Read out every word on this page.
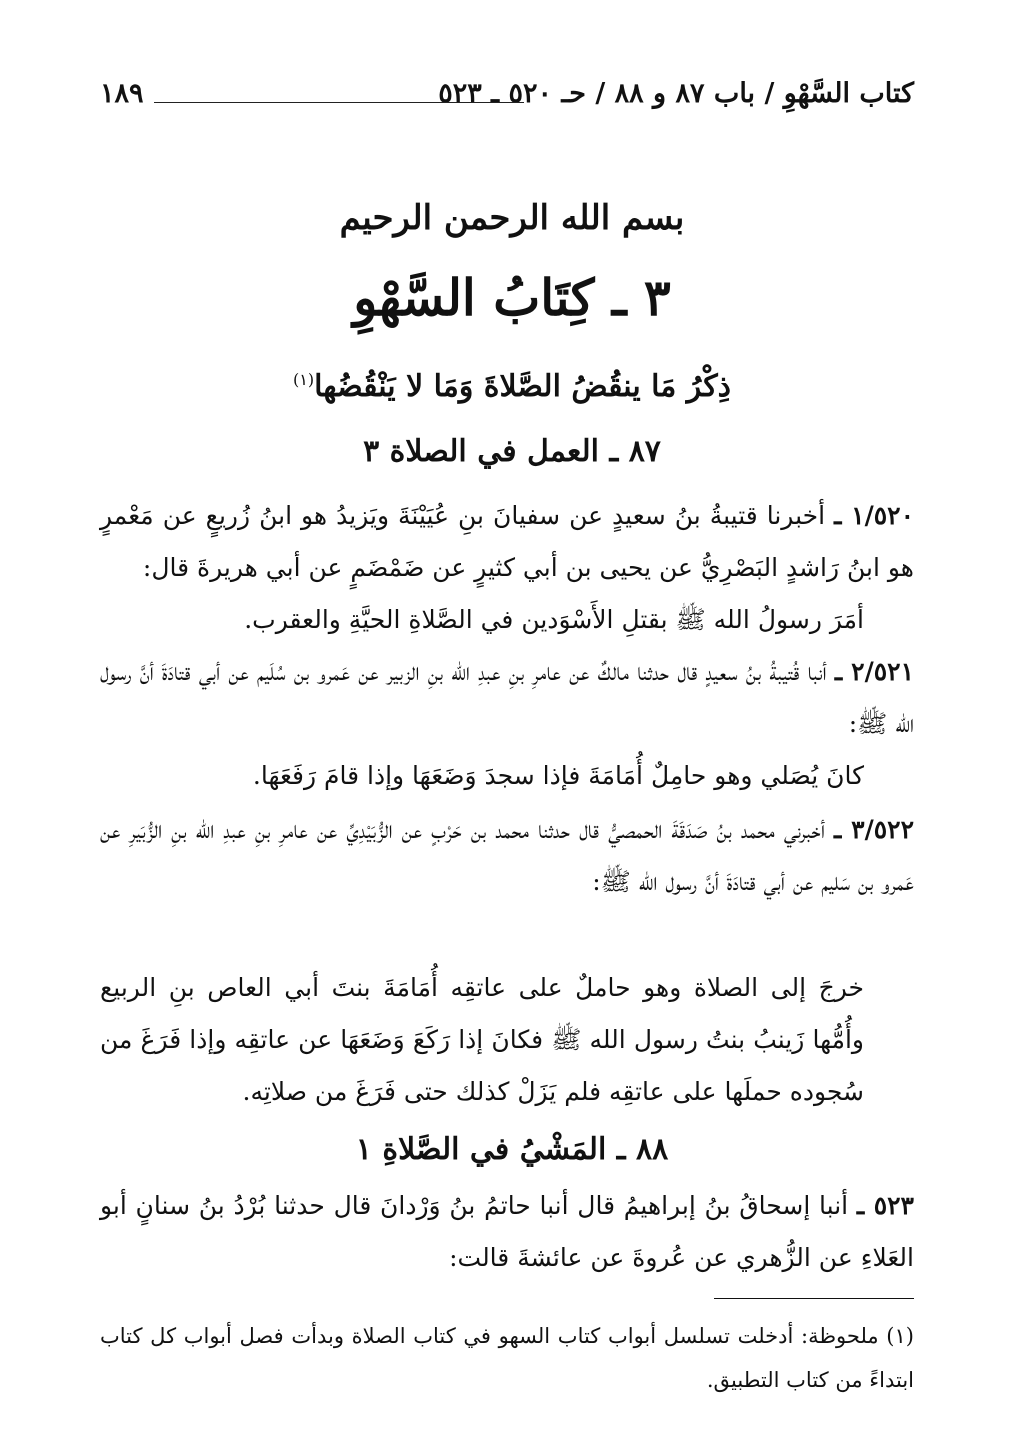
كتاب السَّهْوِ / باب ٨٧ و ٨٨ / حـ ٥٢٠ ـ ٥٢٣
١٨٩
بسم الله الرحمن الرحيم
٣ ـ كِتَابُ السَّهْوِ
ذِكْرُ مَا ينقُضُ الصَّلاةَ وَمَا لا يَنْقُضُها$^{(١)}$
٨٧ ـ العمل في الصلاة ٣
١/٥٢٠ ـ أخبرنا قتيبةُ بنُ سعيدٍ عن سفيانَ بنِ عُيَيْنَةَ ويَزيدُ هو ابنُ زُريعٍ عن مَعْمرٍ هو ابنُ رَاشدٍ البَصْرِيُّ عن يحيى بن أبي كثيرٍ عن ضَمْضَمٍ عن أبي هريرةَ قال:
أمَرَ رسولُ الله ﷺ بقتلِ الأَسْوَدين في الصَّلاةِ الحيَّةِ والعقرب.
٢/٥٢١ ـ أنبا قُتيبةُ بنُ سعيدٍ قال حدثنا مالكٌ عن عامرِ بنِ عبدِ الله بنِ الزبير عن عَمرو بن سُلَيم عن أبي قتادَةَ أنَّ رسول الله ﷺ:
كانَ يُصَلي وهو حامِلٌ أُمَامَةَ فإذا سجدَ وَضَعَهَا وإذا قامَ رَفَعَهَا.
٣/٥٢٢ ـ أخبرني محمد بنُ صَدَقَةَ الحمصيُّ قال حدثنا محمد بن حَرْبٍ عن الزُّبَيْدِيِّ عن عامرِ بنِ عبدِ الله بنِ الزُّبَيرِ عن عَمرو بن سَليم عن أبي قتادَةَ أنَّ رسول الله ﷺ:
خرجَ إلى الصلاة وهو حاملٌ على عاتقِه أُمَامَةَ بنتَ أبي العاص بنِ الربيع وأُمُّها زَينبُ بنتُ رسول الله ﷺ فكانَ إذا رَكَعَ وَضَعَهَا عن عاتقِه وإذا فَرَغَ من سُجوده حملَها على عاتقِه فلم يَزَلْ كذلك حتى فَرَغَ من صلاتِه.
٨٨ ـ المَشْيُ في الصَّلاةِ ١
٥٢٣ ـ أنبا إسحاقُ بنُ إبراهيمُ قال أنبا حاتمُ بنُ وَرْدانَ قال حدثنا بُرْدُ بنُ سنانٍ أبو العَلاءِ عن الزُّهري عن عُروةَ عن عائشةَ قالت:
(١) ملحوظة: أدخلت تسلسل أبواب كتاب السهو في كتاب الصلاة وبدأت فصل أبواب كل كتاب ابتداءً من كتاب التطبيق.
